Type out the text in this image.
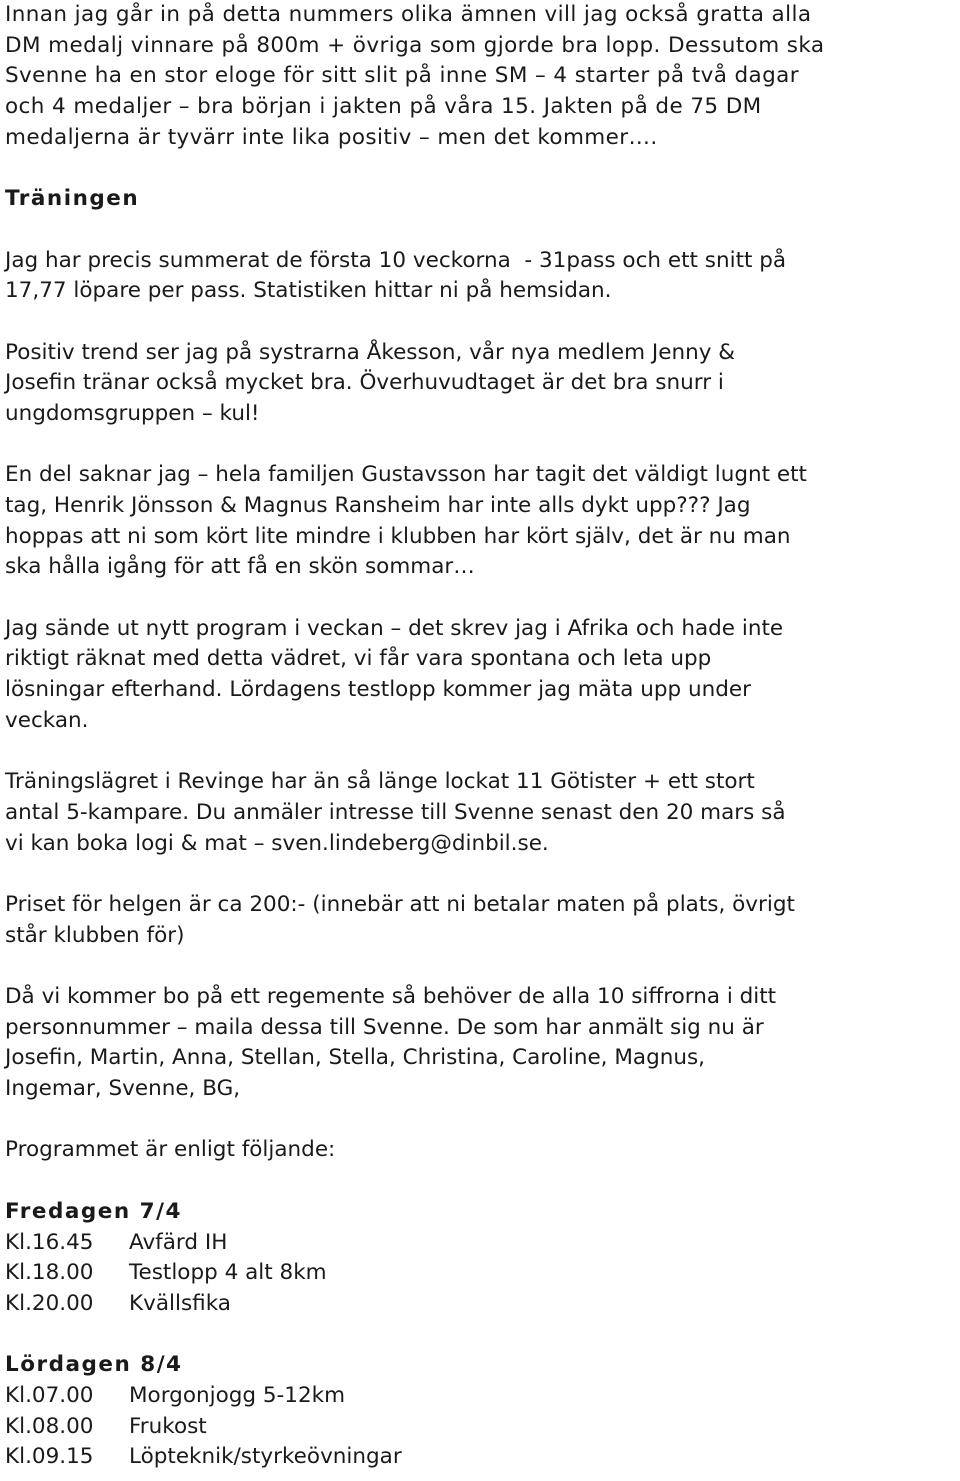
Innan jag går in på detta nummers olika ämnen vill jag också gratta alla
DM medalj vinnare på 800m + övriga som gjorde bra lopp. Dessutom ska
Svenne ha en stor eloge för sitt slit på inne SM – 4 starter på två dagar
och 4 medaljer – bra början i jakten på våra 15. Jakten på de 75 DM
medaljerna är tyvärr inte lika positiv – men det kommer….
Träningen
Jag har precis summerat de första 10 veckorna  - 31pass och ett snitt på
17,77 löpare per pass. Statistiken hittar ni på hemsidan.
Positiv trend ser jag på systrarna Åkesson, vår nya medlem Jenny &
Josefin tränar också mycket bra. Överhuvudtaget är det bra snurr i
ungdomsgruppen – kul!
En del saknar jag – hela familjen Gustavsson har tagit det väldigt lugnt ett
tag, Henrik Jönsson & Magnus Ransheim har inte alls dykt upp??? Jag
hoppas att ni som kört lite mindre i klubben har kört själv, det är nu man
ska hålla igång för att få en skön sommar…
Jag sände ut nytt program i veckan – det skrev jag i Afrika och hade inte
riktigt räknat med detta vädret, vi får vara spontana och leta upp
lösningar efterhand. Lördagens testlopp kommer jag mäta upp under
veckan.
Träningslägret i Revinge har än så länge lockat 11 Götister + ett stort
antal 5-kampare. Du anmäler intresse till Svenne senast den 20 mars så
vi kan boka logi & mat – sven.lindeberg@dinbil.se.
Priset för helgen är ca 200:- (innebär att ni betalar maten på plats, övrigt
står klubben för)
Då vi kommer bo på ett regemente så behöver de alla 10 siffrorna i ditt
personnummer – maila dessa till Svenne. De som har anmält sig nu är
Josefin, Martin, Anna, Stellan, Stella, Christina, Caroline, Magnus,
Ingemar, Svenne, BG,
Programmet är enligt följande:
Fredagen 7/4
Kl.16.45 Avfärd IH
Kl.18.00 Testlopp 4 alt 8km
Kl.20.00 Kvällsfika
Lördagen 8/4
Kl.07.00 Morgonjogg 5-12km
Kl.08.00 Frukost
Kl.09.15 Löpteknik/styrkeövningar
